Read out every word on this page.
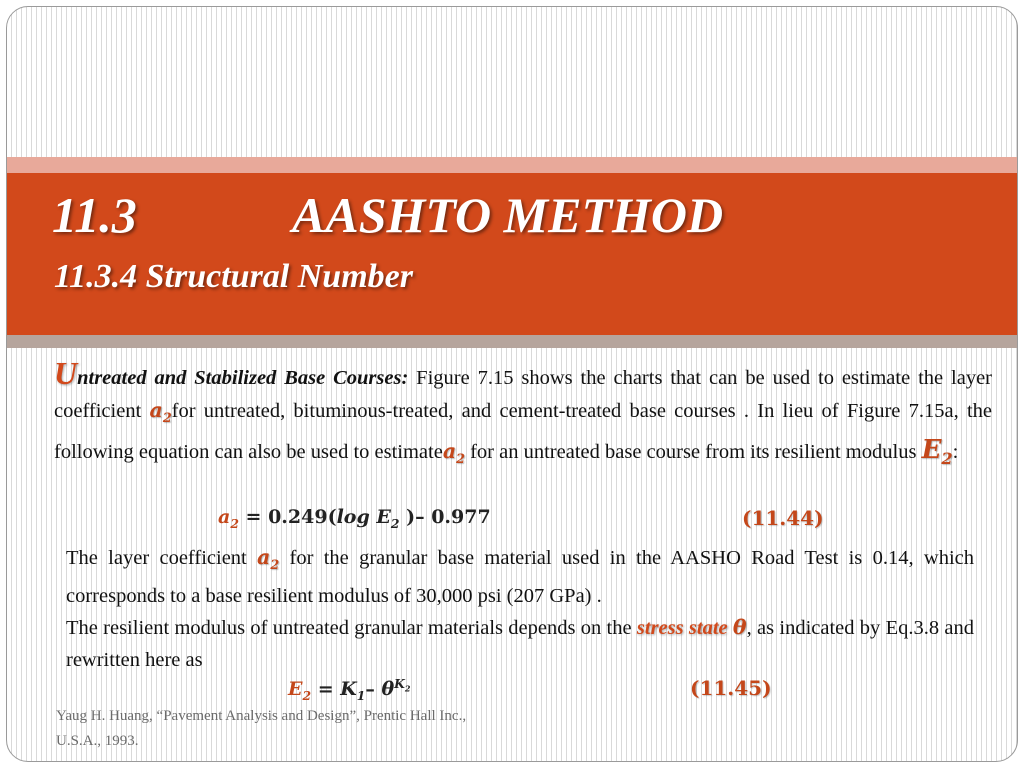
11.3	AASHTO METHOD
11.3.4 Structural Number

Untreated and Stabilized Base Courses: Figure 7.15 shows the charts that can be used to estimate the layer coefficient $a_2for$ untreated, bituminous-treated, and cement-treated base courses . In lieu of Figure 7.15a, the following equation can also be used to estimatea$_2$ for an untreated base course from its resilient modulus $E_2$:

$a_2 = 0.249(\log$ $E_2$ )– 0.977	(11.44)

The layer coefficient $a_2$ for the granular base material used in the AASHO Road Test is 0.14, which corresponds to a base resilient modulus of 30,000 psi (207 GPa) .

The resilient modulus of untreated granular materials depends on the stress state θ, as indicated by Eq.3.8 and rewritten here as

$E_2 = K_1-$ $\theta^{K_2}$	(11.45)
Yaug H. Huang, “Pavement Analysis and Design”, Prentic Hall Inc.,
U.S.A., 1993.
